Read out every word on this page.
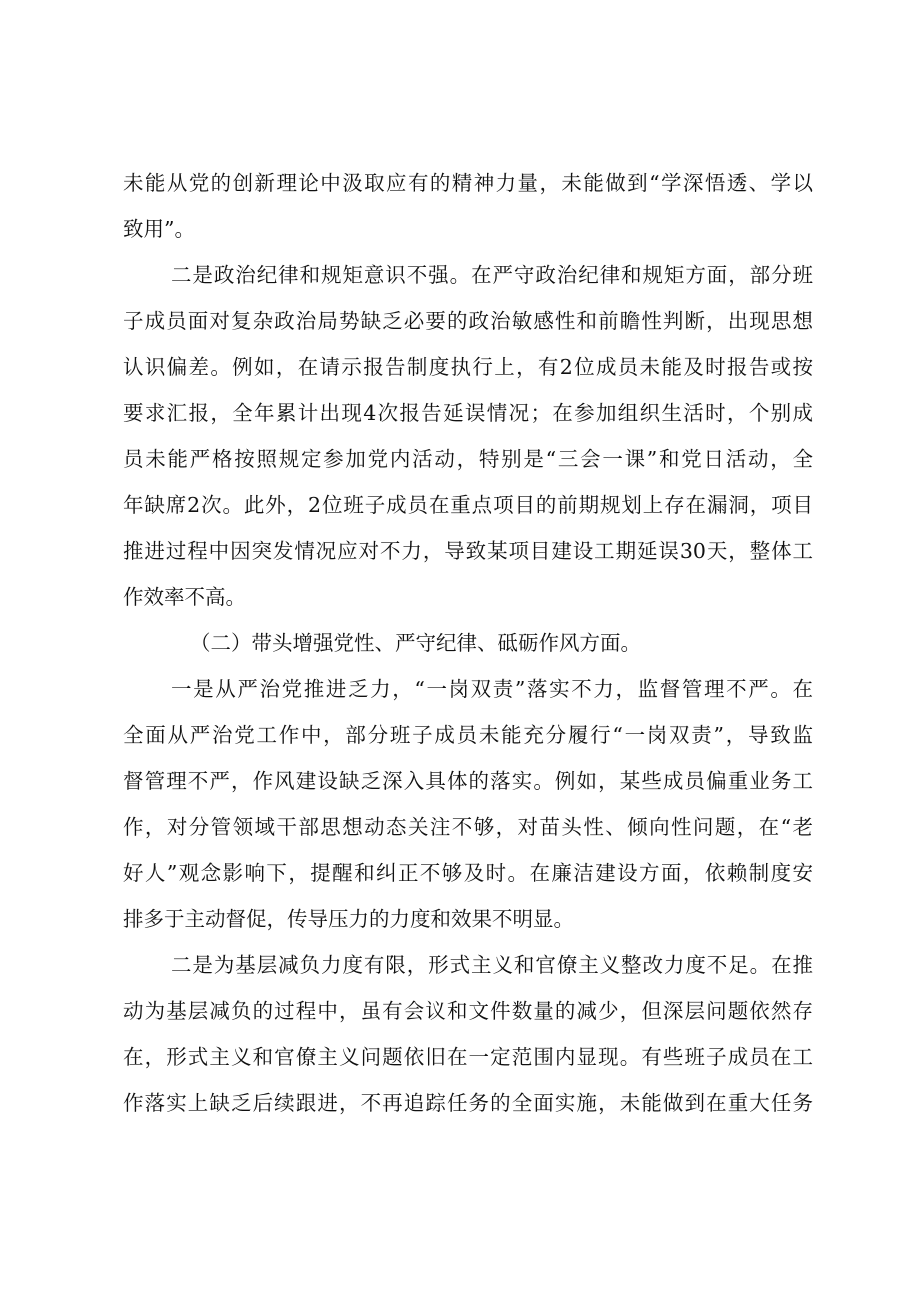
未能从党的创新理论中汲取应有的精神力量，未能做到“学深悟透、学以
致用”。
二是政治纪律和规矩意识不强。在严守政治纪律和规矩方面，部分班
子成员面对复杂政治局势缺乏必要的政治敏感性和前瞻性判断，出现思想
认识偏差。例如，在请示报告制度执行上，有2位成员未能及时报告或按
要求汇报，全年累计出现4次报告延误情况；在参加组织生活时，个别成
员未能严格按照规定参加党内活动，特别是“三会一课”和党日活动，全
年缺席2次。此外，2位班子成员在重点项目的前期规划上存在漏洞，项目
推进过程中因突发情况应对不力，导致某项目建设工期延误30天，整体工
作效率不高。
（二）带头增强党性、严守纪律、砥砺作风方面。
一是从严治党推进乏力，“一岗双责”落实不力，监督管理不严。在
全面从严治党工作中，部分班子成员未能充分履行“一岗双责”，导致监
督管理不严，作风建设缺乏深入具体的落实。例如，某些成员偏重业务工
作，对分管领域干部思想动态关注不够，对苗头性、倾向性问题，在“老
好人”观念影响下，提醒和纠正不够及时。在廉洁建设方面，依赖制度安
排多于主动督促，传导压力的力度和效果不明显。
二是为基层减负力度有限，形式主义和官僚主义整改力度不足。在推
动为基层减负的过程中，虽有会议和文件数量的减少，但深层问题依然存
在，形式主义和官僚主义问题依旧在一定范围内显现。有些班子成员在工
作落实上缺乏后续跟进，不再追踪任务的全面实施，未能做到在重大任务
